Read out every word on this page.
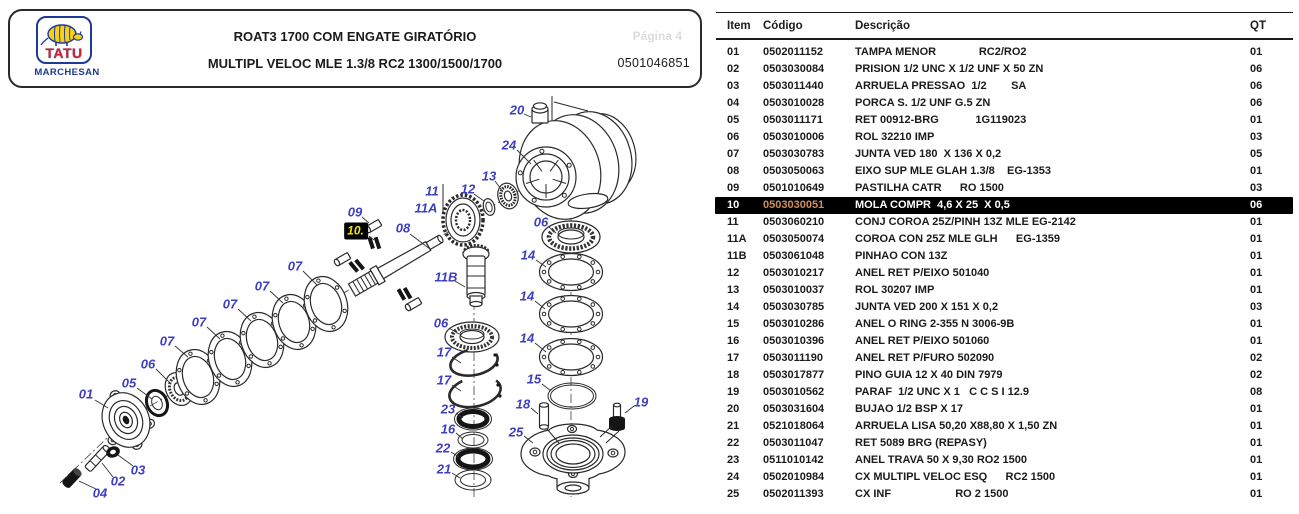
TATU
MARCHESAN
ROAT3 1700 COM ENGATE GIRATÓRIO
MULTIPL VELOC MLE 1.3/8 RC2 1300/1500/1700
Página 4
0501046851
01
02
03
04
05
06
07
07
07
07
07
08
09
10.
11
11A
11B
12
13
06
17
17
23
16
22
21
06
14
14
14
15
18	19
20
24
25
Item	Código	Descrição	QT
01	0502011152	TAMPA MENOR              RC2/RO2	01
02	0503030084	PRISION 1/2 UNC X 1/2 UNF X 50 ZN	06
03	0503011440	ARRUELA PRESSAO  1/2        SA	06
04	0503010028	PORCA S. 1/2 UNF G.5 ZN	06
05	0503011171	RET 00912-BRG            1G119023	01
06	0503010006	ROL 32210 IMP	03
07	0503030783	JUNTA VED 180  X 136 X 0,2	05
08	0503050063	EIXO SUP MLE GLAH 1.3/8    EG-1353	01
09	0501010649	PASTILHA CATR      RO 1500	03
10	0503030051	MOLA COMPR  4,6 X 25  X 0,5	06
11	0503060210	CONJ COROA 25Z/PINH 13Z MLE EG-2142	01
11A	0503050074	COROA CON 25Z MLE GLH      EG-1359	01
11B	0503061048	PINHAO CON 13Z	01
12	0503010217	ANEL RET P/EIXO 501040	01
13	0503010037	ROL 30207 IMP	01
14	0503030785	JUNTA VED 200 X 151 X 0,2	03
15	0503010286	ANEL O RING 2-355 N 3006-9B	01
16	0503010396	ANEL RET P/EIXO 501060	01
17	0503011190	ANEL RET P/FURO 502090	02
18	0503017877	PINO GUIA 12 X 40 DIN 7979	02
19	0503010562	PARAF  1/2 UNC X 1   C C S I 12.9	08
20	0503031604	BUJAO 1/2 BSP X 17	01
21	0521018064	ARRUELA LISA 50,20 X88,80 X 1,50 ZN	01
22	0503011047	RET 5089 BRG (REPASY)	01
23	0511010142	ANEL TRAVA 50 X 9,30 RO2 1500	01
24	0502010984	CX MULTIPL VELOC ESQ      RC2 1500	01
25	0502011393	CX INF                     RO 2 1500	01
